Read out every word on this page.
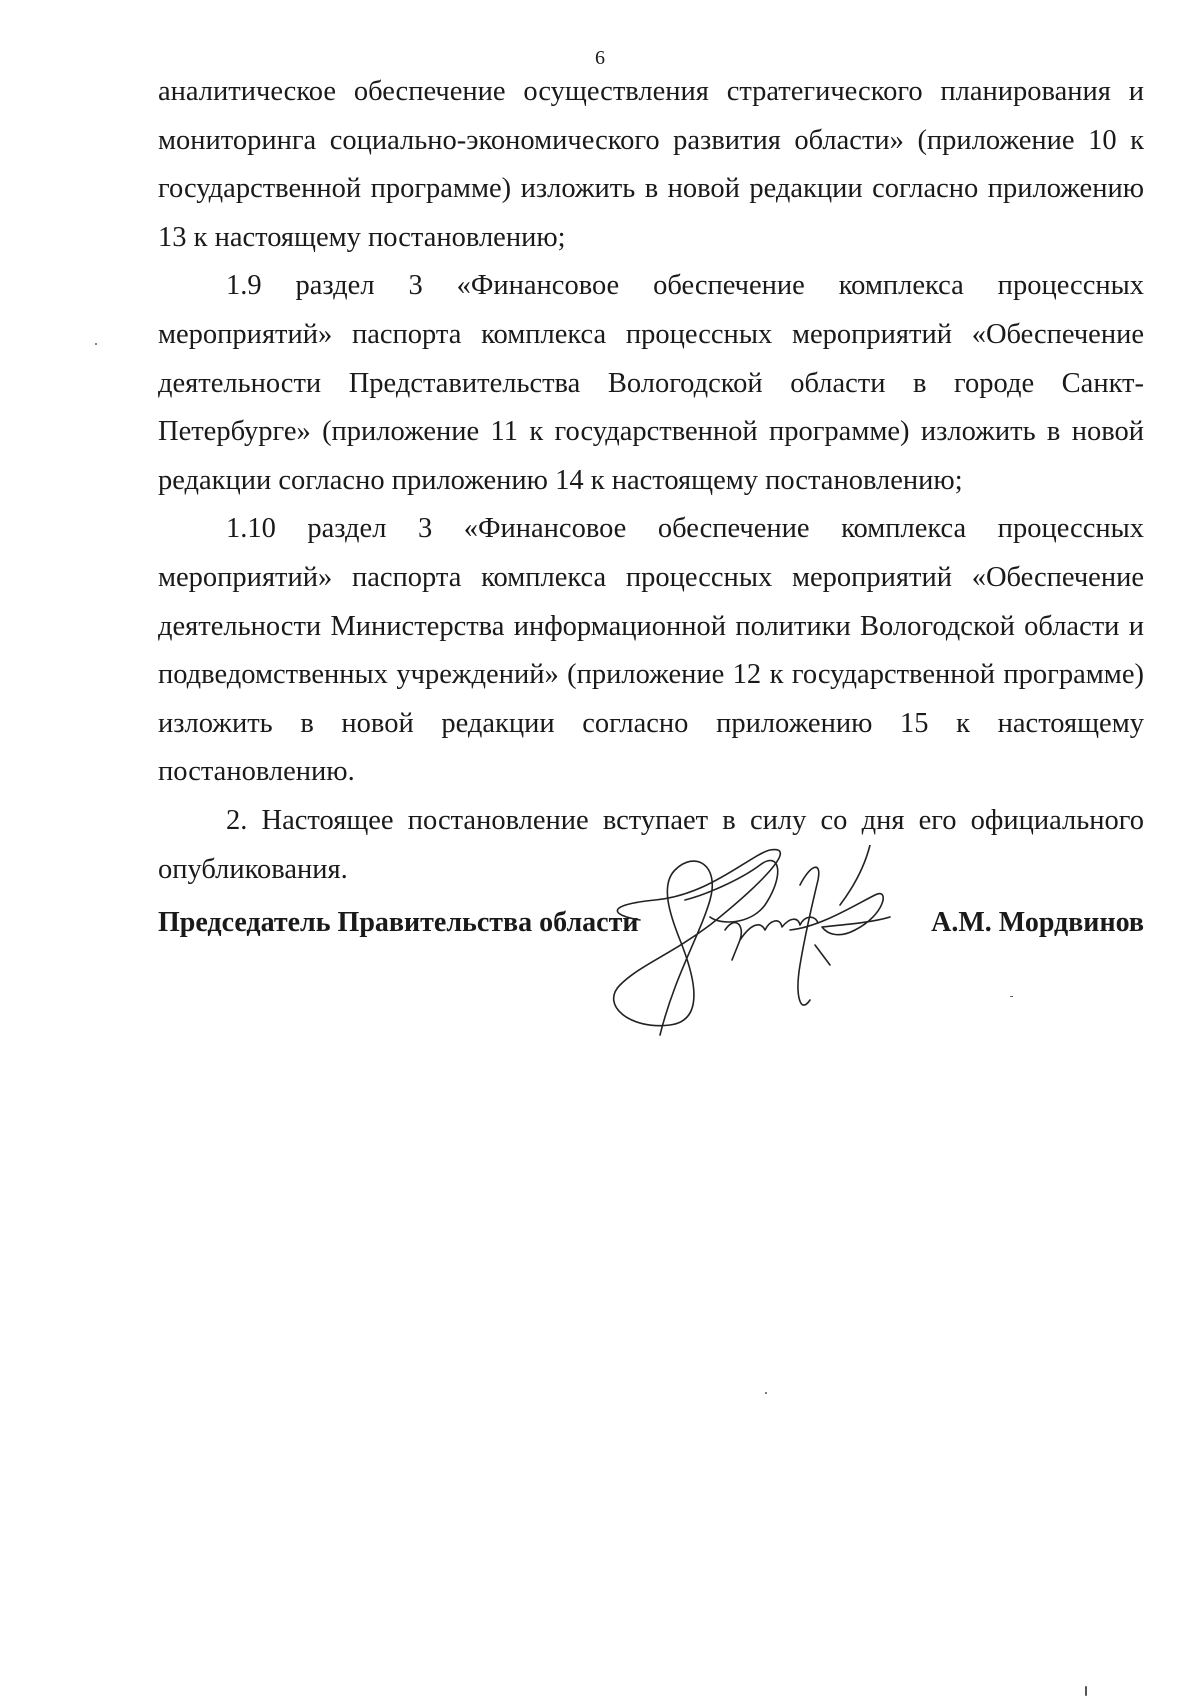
6

аналитическое обеспечение осуществления стратегического планирования и мониторинга социально-экономического развития области» (приложение 10 к государственной программе) изложить в новой редакции согласно приложению 13 к настоящему постановлению;

1.9 раздел 3 «Финансовое обеспечение комплекса процессных мероприятий» паспорта комплекса процессных мероприятий «Обеспечение деятельности Представительства Вологодской области в городе Санкт-Петербурге» (приложение 11 к государственной программе) изложить в новой редакции согласно приложению 14 к настоящему постановлению;

1.10 раздел 3 «Финансовое обеспечение комплекса процессных мероприятий» паспорта комплекса процессных мероприятий «Обеспечение деятельности Министерства информационной политики Вологодской области и подведомственных учреждений» (приложение 12 к государственной программе) изложить в новой редакции согласно приложению 15 к настоящему постановлению.

2. Настоящее постановление вступает в силу со дня его официального опубликования.

Председатель Правительства области	А.М. Мордвинов
